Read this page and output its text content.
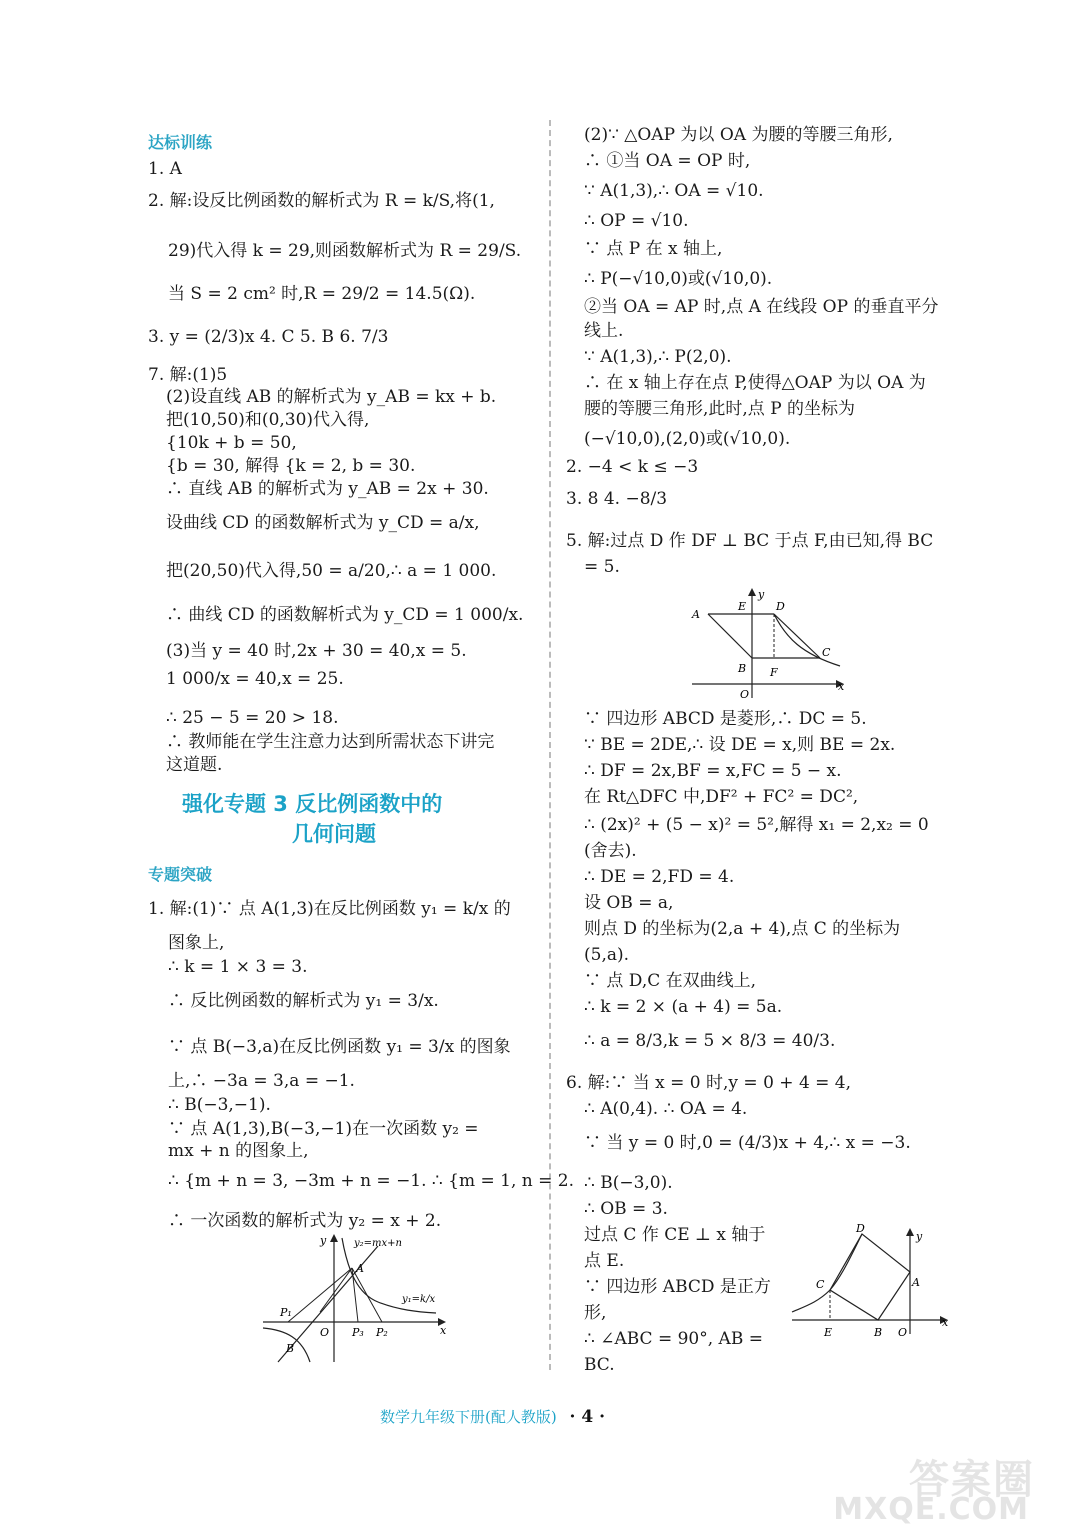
达标训练
1. A
2. 解:设反比例函数的解析式为 R = k/S,将(1,
29)代入得 k = 29,则函数解析式为 R = 29/S.
当 S = 2 cm² 时,R = 29/2 = 14.5(Ω).
3. y = (2/3)x 4. C 5. B 6. 7/3
7. 解:(1)5
(2)设直线 AB 的解析式为 y_AB = kx + b.
把(10,50)和(0,30)代入得,
{10k + b = 50,
{b = 30, 解得 {k = 2, b = 30.
∴ 直线 AB 的解析式为 y_AB = 2x + 30.
设曲线 CD 的函数解析式为 y_CD = a/x,
把(20,50)代入得,50 = a/20,∴ a = 1 000.
∴ 曲线 CD 的函数解析式为 y_CD = 1 000/x.
(3)当 y = 40 时,2x + 30 = 40,x = 5.
1 000/x = 40,x = 25.
∴ 25 − 5 = 20 > 18.
∴ 教师能在学生注意力达到所需状态下讲完
这道题.
强化专题 3 反比例函数中的
几何问题
专题突破
1. 解:(1)∵ 点 A(1,3)在反比例函数 y₁ = k/x 的
图象上,
∴ k = 1 × 3 = 3.
∴ 反比例函数的解析式为 y₁ = 3/x.
∵ 点 B(−3,a)在反比例函数 y₁ = 3/x 的图象
上,∴ −3a = 3,a = −1.
∴ B(−3,−1).
∵ 点 A(1,3),B(−3,−1)在一次函数 y₂ =
mx + n 的图象上,
∴ {m + n = 3, −3m + n = −1. ∴ {m = 1, n = 2.
∴ 一次函数的解析式为 y₂ = x + 2.
y	y₂=mx+n
A
y₁=k/x
P₁
O P₃ P₂	x
B
(2)∵ △OAP 为以 OA 为腰的等腰三角形,
∴ ①当 OA = OP 时,
∵ A(1,3),∴ OA = √10.
∴ OP = √10.
∵ 点 P 在 x 轴上,
∴ P(−√10,0)或(√10,0).
②当 OA = AP 时,点 A 在线段 OP 的垂直平分
线上.
∵ A(1,3),∴ P(2,0).
∴ 在 x 轴上存在点 P,使得△OAP 为以 OA 为
腰的等腰三角形,此时,点 P 的坐标为
(−√10,0),(2,0)或(√10,0).
2. −4 < k ≤ −3
3. 8 4. −8/3
5. 解:过点 D 作 DF ⊥ BC 于点 F,由已知,得 BC
= 5.
A
E
y
D
C
B F
O
x
∵ 四边形 ABCD 是菱形,∴ DC = 5.
∵ BE = 2DE,∴ 设 DE = x,则 BE = 2x.
∴ DF = 2x,BF = x,FC = 5 − x.
在 Rt△DFC 中,DF² + FC² = DC²,
∴ (2x)² + (5 − x)² = 5²,解得 x₁ = 2,x₂ = 0
(舍去).
∴ DE = 2,FD = 4.
设 OB = a,
则点 D 的坐标为(2,a + 4),点 C 的坐标为
(5,a).
∵ 点 D,C 在双曲线上,
∴ k = 2 × (a + 4) = 5a.
∴ a = 8/3,k = 5 × 8/3 = 40/3.
6. 解:∵ 当 x = 0 时,y = 0 + 4 = 4,
∴ A(0,4). ∴ OA = 4.
∵ 当 y = 0 时,0 = (4/3)x + 4,∴ x = −3.
∴ B(−3,0).
∴ OB = 3.
过点 C 作 CE ⊥ x 轴于
点 E.
∵ 四边形 ABCD 是正方
形,
∴ ∠ABC = 90°, AB =
BC.
D
y
C	A
x
E	B O
数学九年级下册(配人教版) · 4 ·
答案圈
MXQE.COM
